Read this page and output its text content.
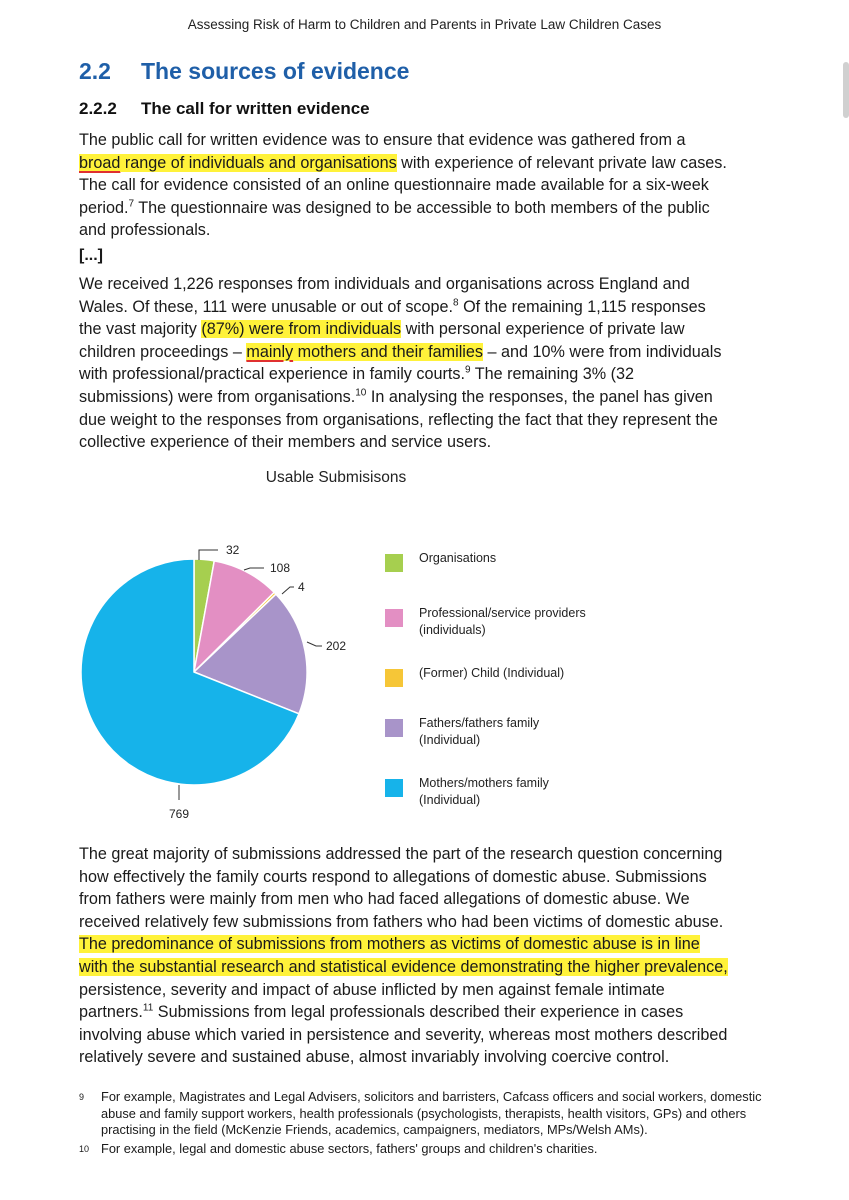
Assessing Risk of Harm to Children and Parents in Private Law Children Cases
2.2 The sources of evidence
2.2.2 The call for written evidence
The public call for written evidence was to ensure that evidence was gathered from a
broad range of individuals and organisations with experience of relevant private law cases.
The call for evidence consisted of an online questionnaire made available for a six-week
period.$^7$ The questionnaire was designed to be accessible to both members of the public
and professionals.
[...]
We received 1,226 responses from individuals and organisations across England and
Wales. Of these, 111 were unusable or out of scope.$^8$ Of the remaining 1,115 responses
the vast majority (87%) were from individuals with personal experience of private law
children proceedings – mainly mothers and their families – and 10% were from individuals
with professional/practical experience in family courts.$^9$ The remaining 3% (32
submissions) were from organisations.$^{10}$ In analysing the responses, the panel has given
due weight to the responses from organisations, reflecting the fact that they represent the
collective experience of their members and service users.
Usable Submisisons
32
108
4
202
769
Organisations
Professional/service providers
(individuals)
(Former) Child (Individual)
Fathers/fathers family
(Individual)
Mothers/mothers family
(Individual)
The great majority of submissions addressed the part of the research question concerning
how effectively the family courts respond to allegations of domestic abuse. Submissions
from fathers were mainly from men who had faced allegations of domestic abuse. We
received relatively few submissions from fathers who had been victims of domestic abuse.
The predominance of submissions from mothers as victims of domestic abuse is in line
with the substantial research and statistical evidence demonstrating the higher prevalence,
persistence, severity and impact of abuse inflicted by men against female intimate
partners.$^{11}$ Submissions from legal professionals described their experience in cases
involving abuse which varied in persistence and severity, whereas most mothers described
relatively severe and sustained abuse, almost invariably involving coercive control.
9 For example, Magistrates and Legal Advisers, solicitors and barristers, Cafcass officers and social workers, domestic abuse and family support workers, health professionals (psychologists, therapists, health visitors, GPs) and others practising in the field (McKenzie Friends, academics, campaigners, mediators, MPs/Welsh AMs).
10 For example, legal and domestic abuse sectors, fathers' groups and children's charities.
